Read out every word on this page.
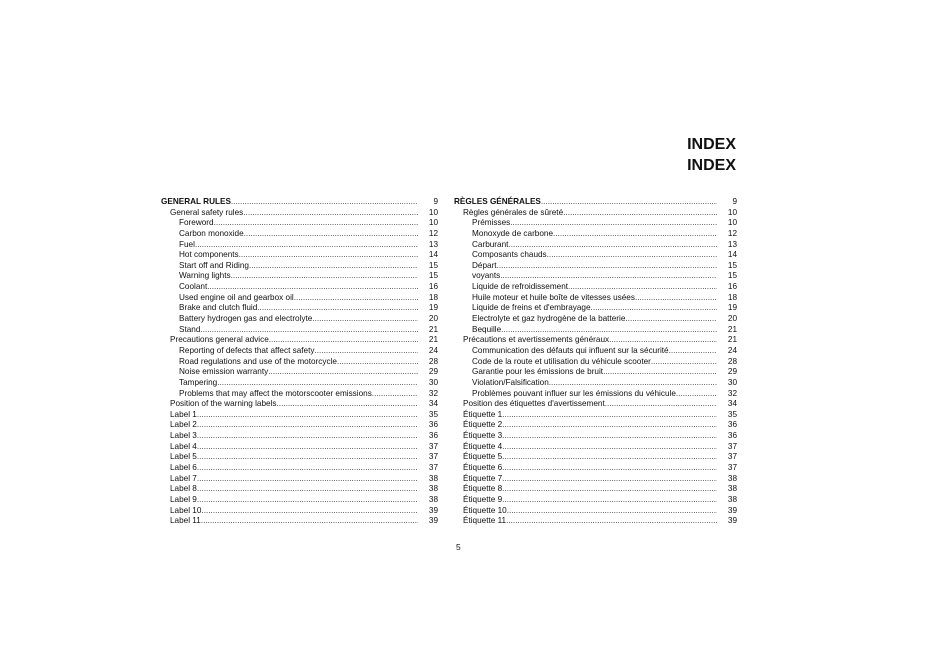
INDEX
INDEX
GENERAL RULES .....	9
General safety rules .....	10
Foreword .....	10
Carbon monoxide .....	12
Fuel .....	13
Hot components .....	14
Start off and Riding .....	15
Warning lights .....	15
Coolant .....	16
Used engine oil and gearbox oil .....	18
Brake and clutch fluid .....	19
Battery hydrogen gas and electrolyte .....	20
Stand .....	21
Precautions general advice .....	21
Reporting of defects that affect safety .....	24
Road regulations and use of the motorcycle .....	28
Noise emission warranty .....	29
Tampering .....	30
Problems that may affect the motorscooter emissions .....	32
Position of the warning labels .....	34
Label 1 .....	35
Label 2 .....	36
Label 3 .....	36
Label 4 .....	37
Label 5 .....	37
Label 6 .....	37
Label 7 .....	38
Label 8 .....	38
Label 9 .....	38
Label 10 .....	39
Label 11 .....	39
RÈGLES GÉNÉRALES .....	9
Règles générales de sûreté .....	10
Prémisses .....	10
Monoxyde de carbone .....	12
Carburant .....	13
Composants chauds .....	14
Départ .....	15
voyants .....	15
Liquide de refroidissement .....	16
Huile moteur et huile boîte de vitesses usées .....	18
Liquide de freins et d'embrayage .....	19
Electrolyte et gaz hydrogène de la batterie .....	20
Bequille .....	21
Précautions et avertissements généraux .....	21
Communication des défauts qui influent sur la sécurité .....	24
Code de la route et utilisation du véhicule scooter .....	28
Garantie pour les émissions de bruit .....	29
Violation/Falsification .....	30
Problèmes pouvant influer sur les émissions du véhicule .....	32
Position des étiquettes d'avertissement .....	34
Étiquette 1 .....	35
Étiquette 2 .....	36
Étiquette 3 .....	36
Étiquette 4 .....	37
Étiquette 5 .....	37
Étiquette 6 .....	37
Étiquette 7 .....	38
Étiquette 8 .....	38
Étiquette 9 .....	38
Étiquette 10 .....	39
Étiquette 11 .....	39
5
